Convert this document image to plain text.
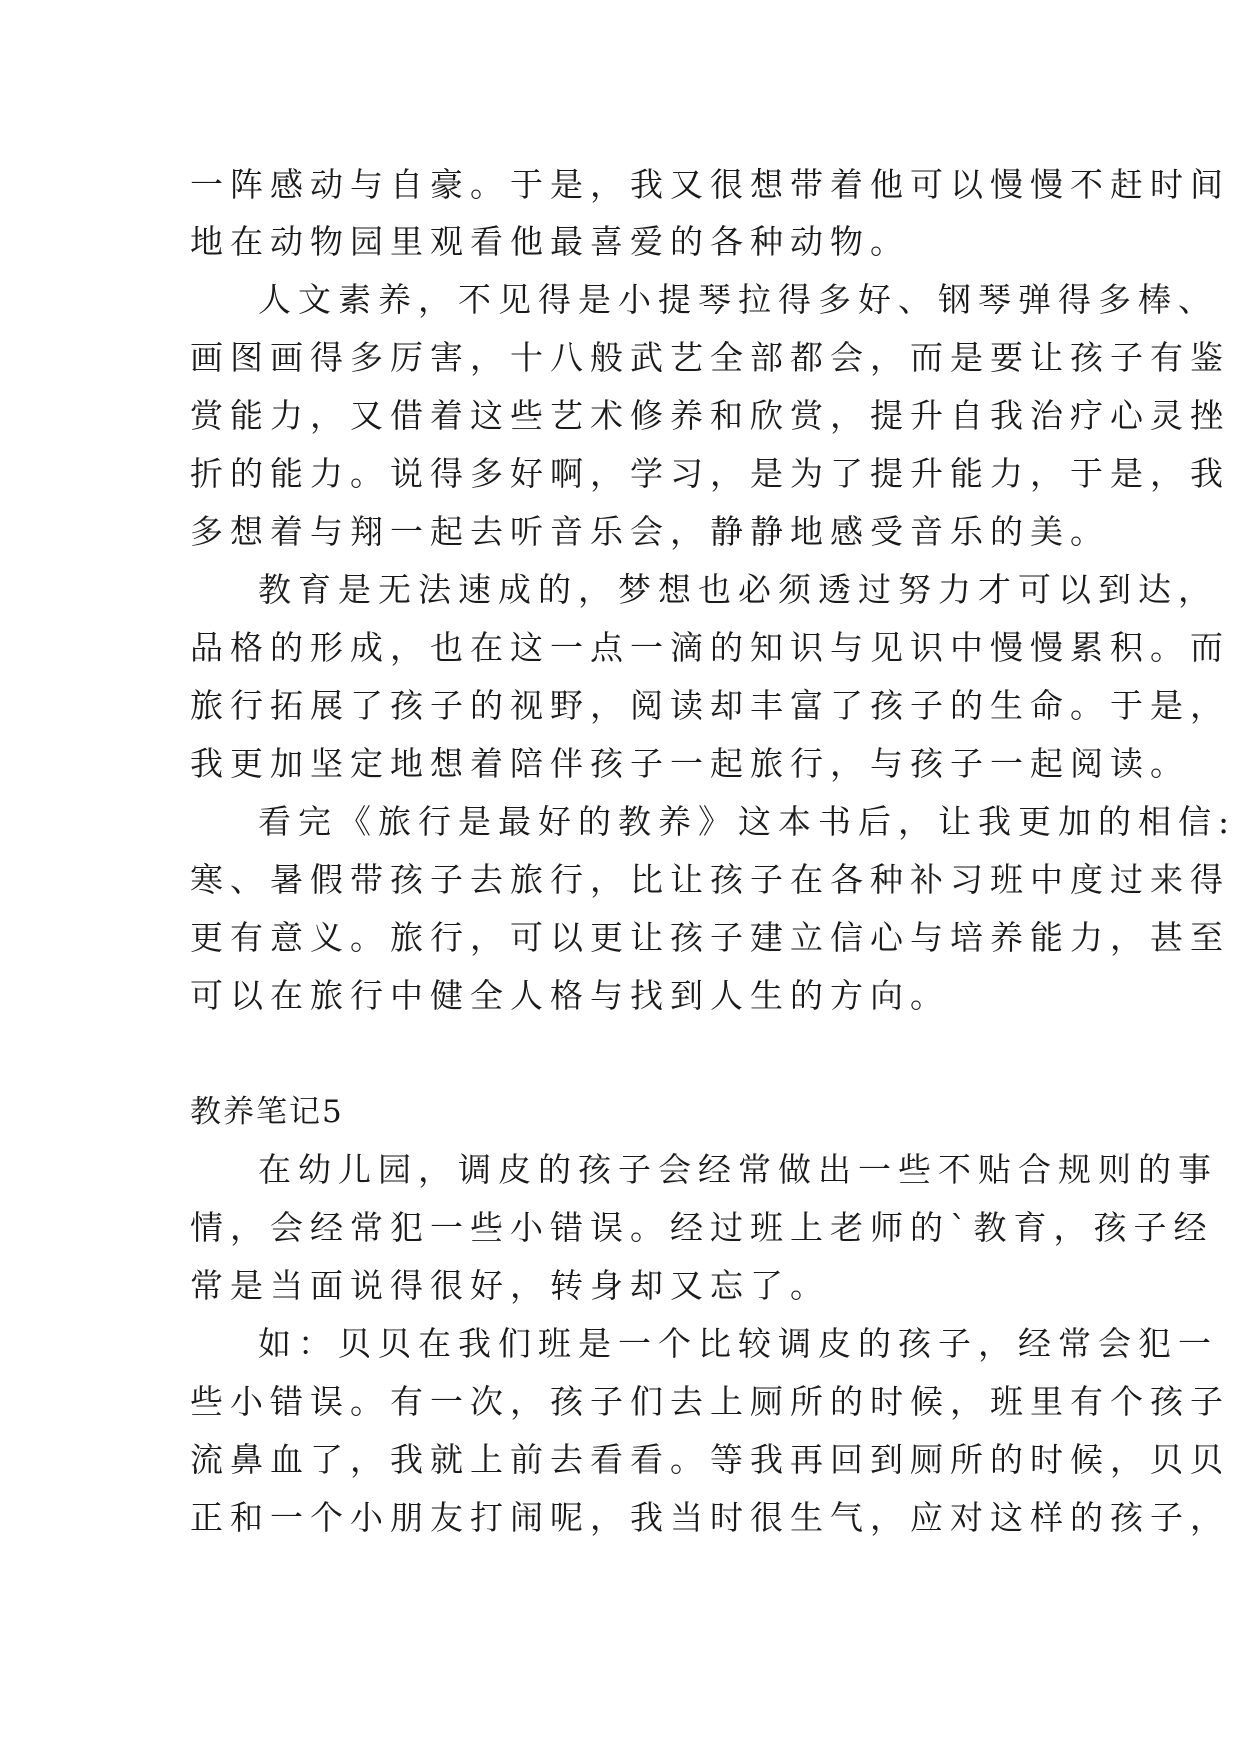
一阵感动与自豪。于是，我又很想带着他可以慢慢不赶时间
地在动物园里观看他最喜爱的各种动物。
人文素养，不见得是小提琴拉得多好、钢琴弹得多棒、
画图画得多厉害，十八般武艺全部都会，而是要让孩子有鉴
赏能力，又借着这些艺术修养和欣赏，提升自我治疗心灵挫
折的能力。说得多好啊，学习，是为了提升能力，于是，我
多想着与翔一起去听音乐会，静静地感受音乐的美。
教育是无法速成的，梦想也必须透过努力才可以到达，
品格的形成，也在这一点一滴的知识与见识中慢慢累积。而
旅行拓展了孩子的视野，阅读却丰富了孩子的生命。于是，
我更加坚定地想着陪伴孩子一起旅行，与孩子一起阅读。
看完《旅行是最好的教养》这本书后，让我更加的相信:
寒、暑假带孩子去旅行，比让孩子在各种补习班中度过来得
更有意义。旅行，可以更让孩子建立信心与培养能力，甚至
可以在旅行中健全人格与找到人生的方向。
教养笔记5
在幼儿园，调皮的孩子会经常做出一些不贴合规则的事
情，会经常犯一些小错误。经过班上老师的`教育，孩子经
常是当面说得很好，转身却又忘了。
如：贝贝在我们班是一个比较调皮的孩子，经常会犯一
些小错误。有一次，孩子们去上厕所的时候，班里有个孩子
流鼻血了，我就上前去看看。等我再回到厕所的时候，贝贝
正和一个小朋友打闹呢，我当时很生气，应对这样的孩子，
